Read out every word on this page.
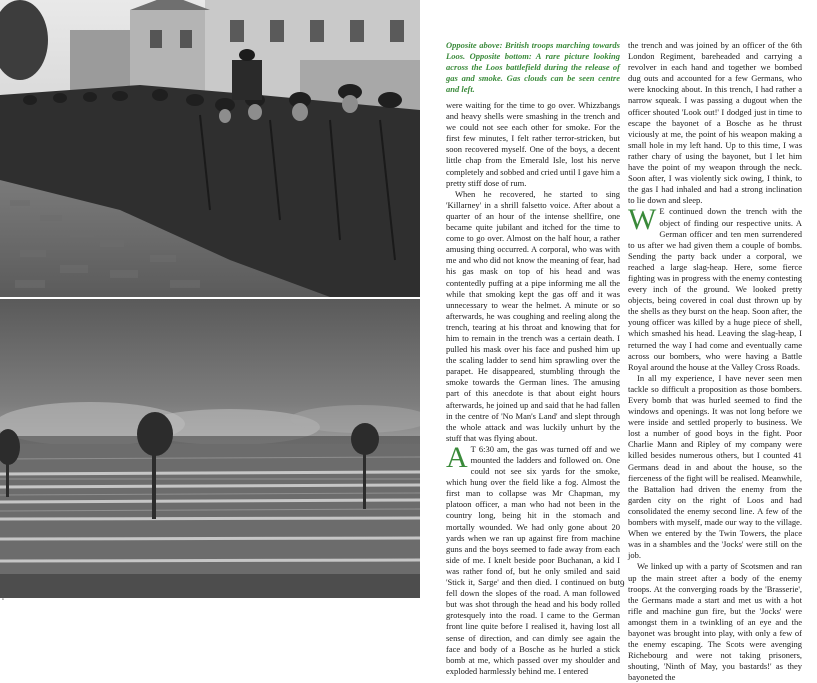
Opposite above: British troops marching towards Loos. Opposite bottom: A rare picture looking across the Loos battlefield during the release of gas and smoke. Gas clouds can be seen centre and left.

were waiting for the time to go over. Whizzbangs and heavy shells were smashing in the trench and we could not see each other for smoke. For the first few minutes, I felt rather terror-stricken, but soon recovered myself. One of the boys, a decent little chap from the Emerald Isle, lost his nerve completely and sobbed and cried until I gave him a pretty stiff dose of rum.

When he recovered, he started to sing 'Killarney' in a shrill falsetto voice. After about a quarter of an hour of the intense shellfire, one became quite jubilant and itched for the time to come to go over. Almost on the half hour, a rather amusing thing occurred. A corporal, who was with me and who did not know the meaning of fear, had his gas mask on top of his head and was contentedly puffing at a pipe informing me all the while that smoking kept the gas off and it was unnecessary to wear the helmet. A minute or so afterwards, he was coughing and reeling along the trench, tearing at his throat and knowing that for him to remain in the trench was a certain death. I pulled his mask over his face and pushed him up the scaling ladder to send him sprawling over the parapet. He disappeared, stumbling through the smoke towards the German lines. The amusing part of this anecdote is that about eight hours afterwards, he joined up and said that he had fallen in the centre of 'No Man's Land' and slept through the whole attack and was luckily unhurt by the stuff that was flying about.

A T 6:30 am, the gas was turned off and we mounted the ladders and followed on. One could not see six yards for the smoke, which hung over the field like a fog. Almost the first man to collapse was Mr Chapman, my platoon officer, a man who had not been in the country long, being hit in the stomach and mortally wounded. We had only gone about 20 yards when we ran up against fire from machine guns and the boys seemed to fade away from each side of me. I knelt beside poor Buchanan, a kid I was rather fond of, but he only smiled and said 'Stick it, Sarge' and then died. I continued on but fell down the slopes of the road. A man followed but was shot through the head and his body rolled grotesquely into the road. I came to the German front line quite before I realised it, having lost all sense of direction, and can dimly see again the face and body of a Bosche as he hurled a stick bomb at me, which passed over my shoulder and exploded harmlessly behind me. I entered

the trench and was joined by an officer of the 6th London Regiment, bareheaded and carrying a revolver in each hand and together we bombed dug outs and accounted for a few Germans, who were knocking about. In this trench, I had rather a narrow squeak. I was passing a dugout when the officer shouted 'Look out!' I dodged just in time to escape the bayonet of a Bosche as he thrust viciously at me, the point of his weapon making a small hole in my left hand. Up to this time, I was rather chary of using the bayonet, but I let him have the point of my weapon through the neck. Soon after, I was violently sick owing, I think, to the gas I had inhaled and had a strong inclination to lie down and sleep.

W E continued down the trench with the object of finding our respective units. A German officer and ten men surrendered to us after we had given them a couple of bombs. Sending the party back under a corporal, we reached a large slag-heap. Here, some fierce fighting was in progress with the enemy contesting every inch of the ground. We looked pretty objects, being covered in coal dust thrown up by the shells as they burst on the heap. Soon after, the young officer was killed by a huge piece of shell, which smashed his head. Leaving the slag-heap, I returned the way I had come and eventually came across our bombers, who were having a Battle Royal around the house at the Valley Cross Roads.

In all my experience, I have never seen men tackle so difficult a proposition as those bombers. Every bomb that was hurled seemed to find the windows and openings. It was not long before we were inside and settled properly to business. We lost a number of good boys in the fight. Poor Charlie Mann and Ripley of my company were killed besides numerous others, but I counted 41 Germans dead in and about the house, so the fierceness of the fight will be realised. Meanwhile, the Battalion had driven the enemy from the garden city on the right of Loos and had consolidated the enemy second line. A few of the bombers with myself, made our way to the village. When we entered by the Twin Towers, the place was in a shambles and the 'Jocks' were still on the job.

We linked up with a party of Scotsmen and ran up the main street after a body of the enemy troops. At the converging roads by the 'Brasserie', the Germans made a start and met us with a hot rifle and machine gun fire, but the 'Jocks' were amongst them in a twinkling of an eye and the bayonet was brought into play, with only a few of the enemy escaping. The Scots were avenging Richebourg and were not taking prisoners, shouting, 'Ninth of May, you bastards!' as they bayoneted the

9
l
